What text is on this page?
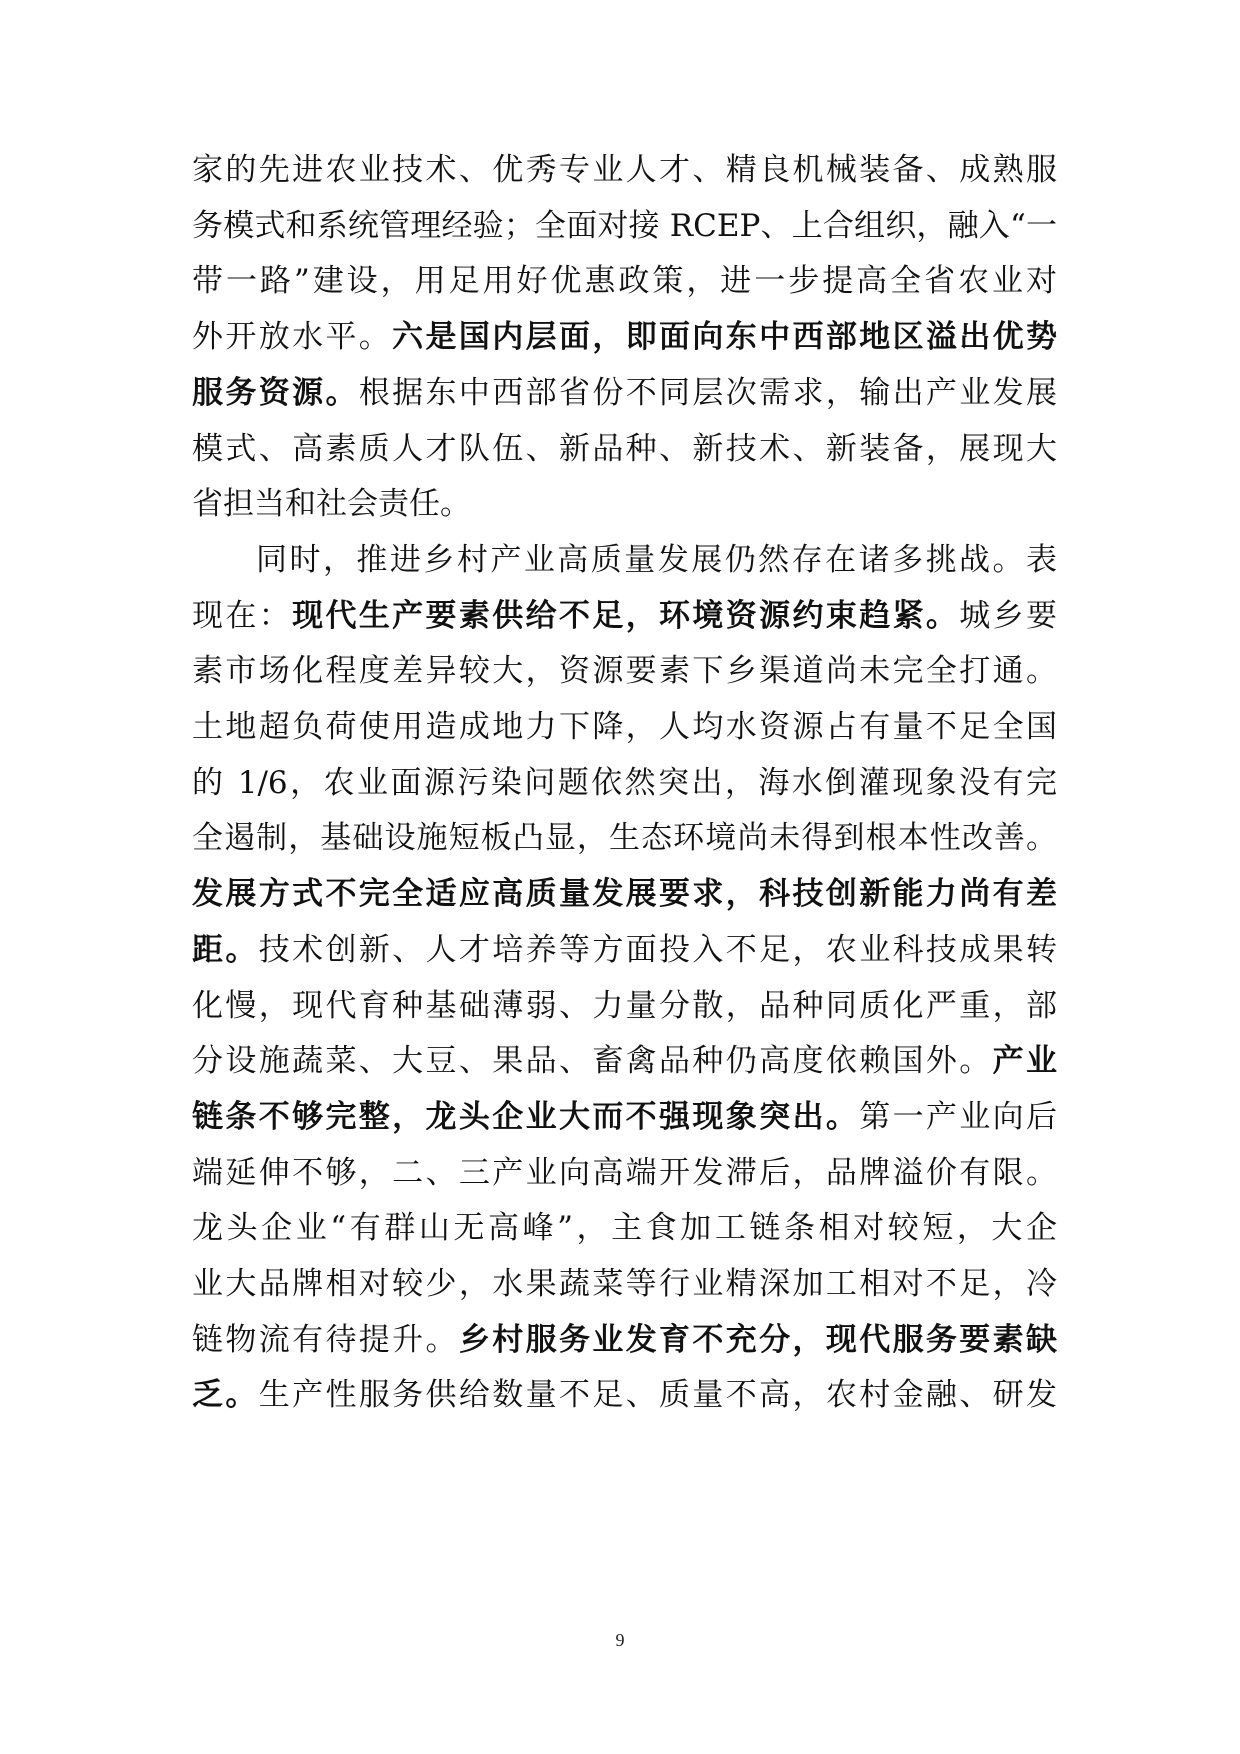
家的先进农业技术、优秀专业人才、精良机械装备、成熟服
务模式和系统管理经验；全面对接 RCEP、上合组织，融入“一
带一路”建设，用足用好优惠政策，进一步提高全省农业对
外开放水平。六是国内层面，即面向东中西部地区溢出优势
服务资源。根据东中西部省份不同层次需求，输出产业发展
模式、高素质人才队伍、新品种、新技术、新装备，展现大
省担当和社会责任。
同时，推进乡村产业高质量发展仍然存在诸多挑战。表
现在：现代生产要素供给不足，环境资源约束趋紧。城乡要
素市场化程度差异较大，资源要素下乡渠道尚未完全打通。
土地超负荷使用造成地力下降，人均水资源占有量不足全国
的 1/6，农业面源污染问题依然突出，海水倒灌现象没有完
全遏制，基础设施短板凸显，生态环境尚未得到根本性改善。
发展方式不完全适应高质量发展要求，科技创新能力尚有差
距。技术创新、人才培养等方面投入不足，农业科技成果转
化慢，现代育种基础薄弱、力量分散，品种同质化严重，部
分设施蔬菜、大豆、果品、畜禽品种仍高度依赖国外。产业
链条不够完整，龙头企业大而不强现象突出。第一产业向后
端延伸不够，二、三产业向高端开发滞后，品牌溢价有限。
龙头企业“有群山无高峰”，主食加工链条相对较短，大企
业大品牌相对较少，水果蔬菜等行业精深加工相对不足，冷
链物流有待提升。乡村服务业发育不充分，现代服务要素缺
乏。生产性服务供给数量不足、质量不高，农村金融、研发
9
